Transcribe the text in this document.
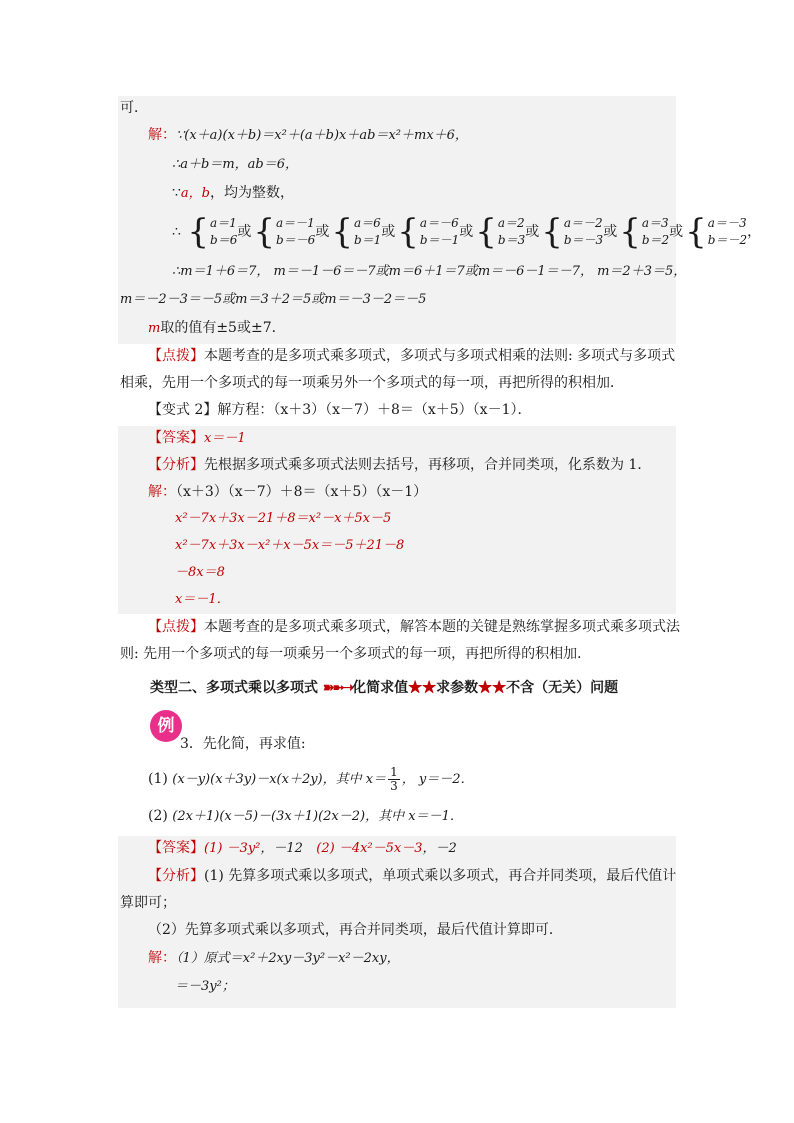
可．
解：∵(x＋a)(x＋b)＝x²＋(a＋b)x＋ab＝x²＋mx＋6，
∴a＋b＝m，ab＝6，
∵a，b，均为整数，
∴ { a＝1
b＝6 或{ a＝－1
b＝－6 或{ a＝6
b＝1 或{ a＝－6
b＝－1 或{ a＝2
b＝3 或{ a＝－2
b＝－3 或{ a＝3
b＝2 或{ a＝－3
b＝－2 ，
∴m＝1＋6＝7， m＝－1－6＝－7或m＝6＋1＝7或m＝－6－1＝－7， m＝2＋3＝5，
m＝－2－3＝－5或m＝3＋2＝5或m＝－3－2＝－5
m取的值有±5或±7．
【点拨】本题考查的是多项式乘多项式，多项式与多项式相乘的法则: 多项式与多项式
相乘，先用一个多项式的每一项乘另外一个多项式的每一项，再把所得的积相加．
【变式 2】解方程：（x＋3）（x－7）＋8＝（x＋5）（x－1）．
【答案】x＝－1
【分析】先根据多项式乘多项式法则去括号，再移项，合并同类项，化系数为 1．
解：（x＋3）（x－7）＋8＝（x＋5）（x－1）
x²－7x＋3x－21＋8＝x²－x＋5x－5
x²－7x＋3x－x²＋x－5x＝－5＋21－8
－8x＝8
x＝－1．
【点拨】本题考查的是多项式乘多项式，解答本题的关键是熟练掌握多项式乘多项式法
则: 先用一个多项式的每一项乘另一个多项式的每一项，再把所得的积相加．
类型二、多项式乘以多项式 ➽➼➝化简求值★★求参数★★不含（无关）问题
例
3．先化简，再求值:
(1) (x－y)(x＋3y)－x(x＋2y)，其中 $x= \frac{1}{3}$ ， y＝－2．
(2) (2x＋1)(x－5)－(3x＋1)(2x－2)，其中 x＝－1．
【答案】(1) －3y²，－12 (2) －4x²－5x－3，－2
【分析】(1) 先算多项式乘以多项式，单项式乘以多项式，再合并同类项，最后代值计
算即可；
（2）先算多项式乘以多项式，再合并同类项，最后代值计算即可．
解：（1）原式＝x²＋2xy－3y²－x²－2xy，
＝－3y²；
